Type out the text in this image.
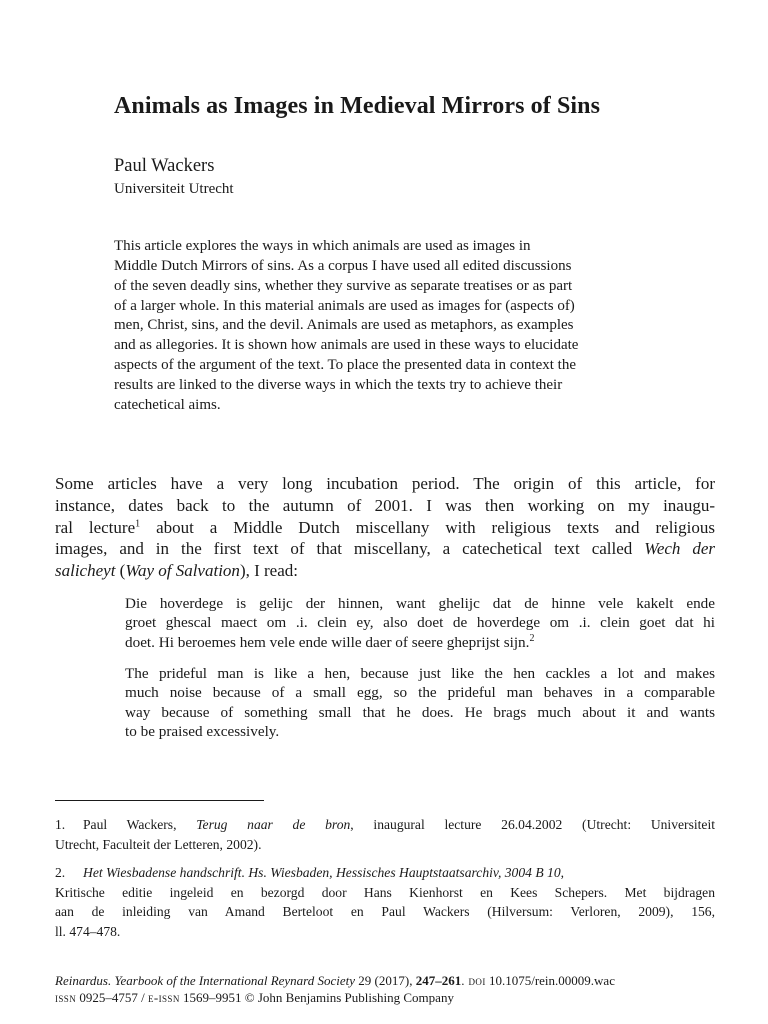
Animals as Images in Medieval Mirrors of Sins
Paul Wackers
Universiteit Utrecht
This article explores the ways in which animals are used as images in
Middle Dutch Mirrors of sins. As a corpus I have used all edited discussions
of the seven deadly sins, whether they survive as separate treatises or as part
of a larger whole. In this material animals are used as images for (aspects of)
men, Christ, sins, and the devil. Animals are used as metaphors, as examples
and as allegories. It is shown how animals are used in these ways to elucidate
aspects of the argument of the text. To place the presented data in context the
results are linked to the diverse ways in which the texts try to achieve their
catechetical aims.
Some articles have a very long incubation period. The origin of this article, for
instance, dates back to the autumn of 2001. I was then working on my inaugu-
ral lecture$^1$ about a Middle Dutch miscellany with religious texts and religious
images, and in the first text of that miscellany, a catechetical text called Wech der
salicheyt (Way of Salvation), I read:
Die hoverdege is gelijc der hinnen, want ghelijc dat de hinne vele kakelt ende
groet ghescal maect om .i. clein ey, also doet de hoverdege om .i. clein goet dat hi
doet. Hi beroemes hem vele ende wille daer of seere gheprijst sijn.$^2$
The prideful man is like a hen, because just like the hen cackles a lot and makes
much noise because of a small egg, so the prideful man behaves in a comparable
way because of something small that he does. He brags much about it and wants
to be praised excessively.
1. Paul Wackers, Terug naar de bron, inaugural lecture 26.04.2002 (Utrecht: Universiteit
Utrecht, Faculteit der Letteren, 2002).
2. Het Wiesbadense handschrift. Hs. Wiesbaden, Hessisches Hauptstaatsarchiv, 3004 B 10,
Kritische editie ingeleid en bezorgd door Hans Kienhorst en Kees Schepers. Met bijdragen
aan de inleiding van Amand Berteloot en Paul Wackers (Hilversum: Verloren, 2009), 156,
ll. 474–478.
Reinardus. Yearbook of the International Reynard Society 29 (2017), 247–261. doi 10.1075/rein.00009.wac
issn 0925–4757 / e-issn 1569–9951 © John Benjamins Publishing Company
